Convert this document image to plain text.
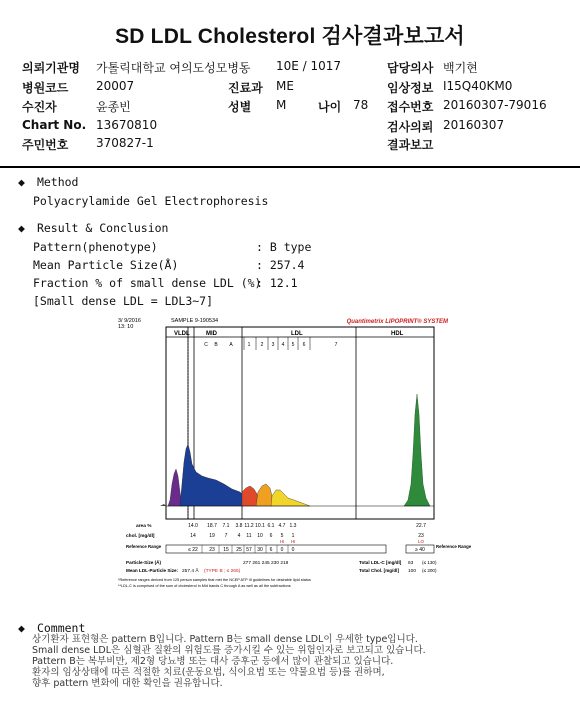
SD LDL Cholesterol 검사결과보고서
의뢰기관명 가톨릭대학교 여의도성모병동 10E / 1017	담당의사 백기현
병원코드 20007	진료과 ME	임상정보 I15Q40KM0
수진자	윤종빈	성별 M	나이 78 접수번호 20160307-79016
Chart No. 13670810	검사의뢰 20160307
주민번호 370827-1	결과보고
◆ Method
Polyacrylamide Gel Electrophoresis
◆ Result & Conclusion
Pattern(phenotype)	: B type
Mean Particle Size(Å)	: 257.4
Fraction % of small dense LDL (%)
: 12.1
[Small dense LDL = LDL3~7]
3/ 9/2016
13: 10
SAMPLE 9-190534	Quantimetrix LIPOPRINT® SYSTEM
VLDL	MID	LDL	HDL
C B A	1 2 3 4 5 6	7
area %	14.0 18.7 7.1 3.8 11.2 10.1 6.1 4.7 1.3	22.7
chol. [mg/dl]	14	19 7 4 11 10 6 5 1	23
HI HI	LO
Reference Range
≤ 22 23 15 25 57 30 6 0 0	≥ 40
Reference Range
Particle-Size (Å)	277 261 245 230 218	Total LDL-C [mg/dl] 63 (≤ 130)
Mean LDL-Particle Size: 257.4 Å (TYPE B ; ≤ 265)	Total Chol. [mg/dl] 100 (≤ 200)
*Reference ranges derived from 125 person samples that met the NCEP ATP III guidelines for desirable lipid status
**LDL-C is comprised of the sum of cholesterol in Mid bands C through A as well as all the subfractions
◆ Comment
상기환자 표현형은 pattern B입니다. Pattern B는 small dense LDL이 우세한 type입니다.
Small dense LDL은 심혈관 질환의 위험도를 증가시킬 수 있는 위험인자로 보고되고 있습니다.
Pattern B는 복부비만, 제2형 당뇨병 또는 대사 증후군 등에서 많이 관찰되고 있습니다.
환자의 임상상태에 따른 적절한 치료(운동요법, 식이요법 또는 약물요법 등)를 권하며,
향후 pattern 변화에 대한 확인을 권유합니다.
